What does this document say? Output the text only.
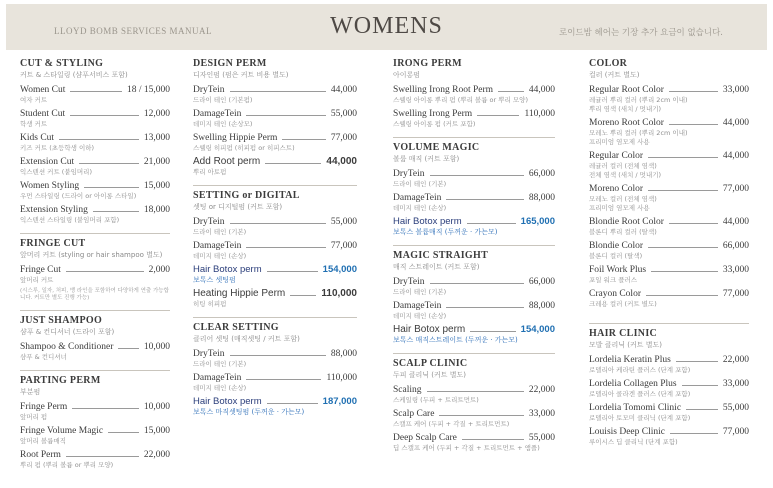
LLOYD BOMB SERVICES MANUAL	WOMENS	로이드밤 헤어는 기장 추가 요금이 없습니다.
CUT & STYLING
커트 & 스타일링 (샴푸서비스 포함)
Women Cut	18 / 15,000
여자 커트
Student Cut	12,000
학생 커트
Kids Cut	13,000
키즈 커트 (초등학생 이하)
Extension Cut	21,000
익스텐션 커트 (붙임머리)
Women Styling	15,000
우먼 스타일링 (드라이 or 아이롱 스타일)
Extension Styling	18,000
익스텐션 스타일링 (붙임머리 포함)
FRINGE CUT
앞머리 커트 (styling or hair shampoo 별도)
Fringe Cut	2,000
앞머리 커트
(시스루, 일자, 처피, 뱅 라인을 포함하여 다양하게 연출 가능합니다. 커트만 별도 진행 가능)
JUST SHAMPOO
샴푸 & 컨디셔너 (드라이 포함)
Shampoo & Conditioner	10,000
샴푸 & 컨디셔너
PARTING PERM
부분펌
Fringe Perm	10,000
앞머리 펌
Fringe Volume Magic	15,000
앞머리 볼륨매직
Root Perm	22,000
뿌리 펌 (뿌리 볼륨 or 뿌리 모양)
DESIGN PERM
디자인펌 (펌은 커트 비용 별도)
DryTein	44,000
드라이 테인 (기본펌)
DamageTein	55,000
데미지 테인 (손상모)
Swelling Hippie Perm	77,000
스웰링 히피펌 (히피펌 or 히피스트)
Add Root perm	44,000
뿌리 아토펌
SETTING or DIGITAL
셋팅 or 디지털펌 (커트 포함)
DryTein	55,000
드라이 테인 (기본)
DamageTein	77,000
데미지 테인 (손상)
Hair Botox perm	154,000
보톡스 셋팅펌
Heating Hippie Perm	110,000
히팅 히피펌
CLEAR SETTING
클리어 셋팅 (매직셋팅 / 커트 포함)
DryTein	88,000
드라이 테인 (기본)
DamageTein	110,000
데미지 테인 (손상)
Hair Botox perm	187,000
보톡스 마직셋팅펌 (두꺼운 · 가는모)
IRONG PERM
아이롱펌
Swelling Irong Root Perm	44,000
스웰링 아이롱 뿌리 펌 (뿌리 볼륨 or 뿌리 모양)
Swelling Irong Perm	110,000
스웰링 아이롱 펌 (커트 포함)
VOLUME MAGIC
볼륨 매직 (커트 포함)
DryTein	66,000
드라이 테인 (기본)
DamageTein	88,000
데미지 테인 (손상)
Hair Botox perm	165,000
보톡스 볼륨매직 (두꺼운 · 가는모)
MAGIC STRAIGHT
매직 스트레이트 (커트 포함)
DryTein	66,000
드라이 테인 (기본)
DamageTein	88,000
데미지 테인 (손상)
Hair Botox perm	154,000
보톡스 매직스트레이트 (두꺼운 · 가는모)
SCALP CLINIC
두피 클리닉 (커트 별도)
Scaling	22,000
스케일링 (두피 + 트리트먼트)
Scalp Care	33,000
스캘프 케어 (두피 + 각질 + 트리트먼트)
Deep Scalp Care	55,000
딥 스캘프 케어 (두피 + 각질 + 트리트먼트 + 앰플)
COLOR
컬러 (커트 별도)
Regular Root Color	33,000
레귤러 뿌리 컬러 (뿌리 2cm 이내)
뿌리 염색 (새치 / 멋내기)
Moreno Root Color	44,000
모레노 뿌리 컬러 (뿌리 2cm 이내)
프리미엄 염모제 사용
Regular Color	44,000
레귤러 컬러 (전체 염색)
전체 염색 (새치 / 멋내기)
Moreno Color	77,000
모레노 컬러 (전체 염색)
프리미엄 염모제 사용
Blondie Root Color	44,000
블론디 뿌리 컬러 (탈색)
Blondie Color	66,000
블론디 컬러 (탈색)
Foil Work Plus	33,000
포일 워크 플러스
Crayon Color	77,000
크레용 컬러 (커트 별도)
HAIR CLINIC
모발 클리닉 (커트 별도)
Lordelia Keratin Plus	22,000
로델리아 케라틴 플러스 (단계 포함)
Lordelia Collagen Plus	33,000
로델리아 콜라겐 플러스 (단계 포함)
Lordelia Tomomi Clinic	55,000
로델리아 토모미 클리닉 (단계 포함)
Louisis Deep Clinic	77,000
루이시스 딥 클리닉 (단계 포함)
